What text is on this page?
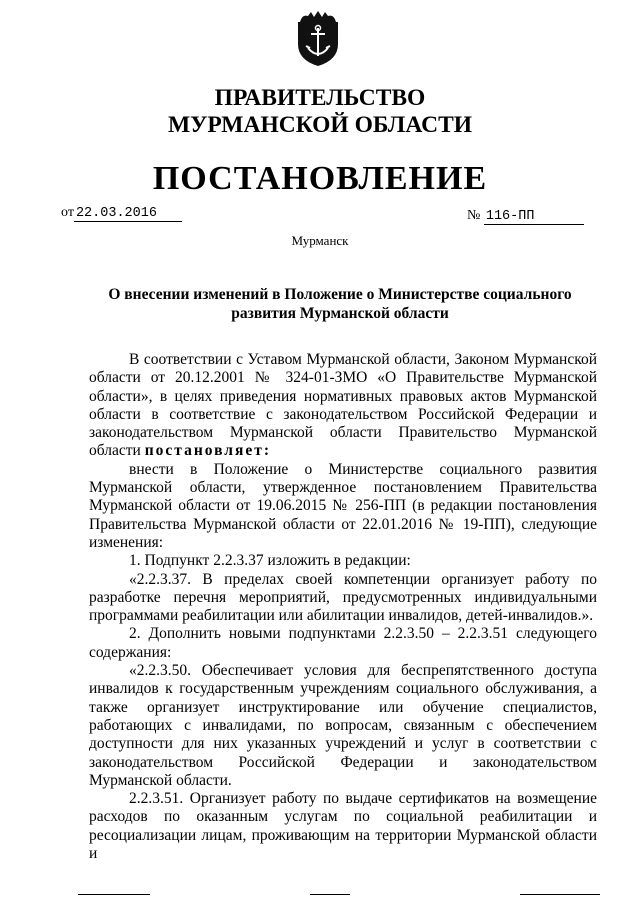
ПРАВИТЕЛЬСТВО
МУРМАНСКОЙ ОБЛАСТИ
ПОСТАНОВЛЕНИЕ
от 22.03.2016	№ 116-ПП
Мурманск
О внесении изменений в Положение о Министерстве социального развития Мурманской области

В соответствии с Уставом Мурманской области, Законом Мурманской области от 20.12.2001 № 324-01-ЗМО «О Правительстве Мурманской области», в целях приведения нормативных правовых актов Мурманской области в соответствие с законодательством Российской Федерации и законодательством Мурманской области Правительство Мурманской области постановляет:

внести в Положение о Министерстве социального развития Мурманской области, утвержденное постановлением Правительства Мурманской области от 19.06.2015 № 256-ПП (в редакции постановления Правительства Мурманской области от 22.01.2016 № 19-ПП), следующие изменения:

1. Подпункт 2.2.3.37 изложить в редакции:

«2.2.3.37. В пределах своей компетенции организует работу по разработке перечня мероприятий, предусмотренных индивидуальными программами реабилитации или абилитации инвалидов, детей-инвалидов.».

2. Дополнить новыми подпунктами 2.2.3.50 – 2.2.3.51 следующего содержания:

«2.2.3.50. Обеспечивает условия для беспрепятственного доступа инвалидов к государственным учреждениям социального обслуживания, а также организует инструктирование или обучение специалистов, работающих с инвалидами, по вопросам, связанным с обеспечением доступности для них указанных учреждений и услуг в соответствии с законодательством Российской Федерации и законодательством Мурманской области.

2.2.3.51. Организует работу по выдаче сертификатов на возмещение расходов по оказанным услугам по социальной реабилитации и ресоциализации лицам, проживающим на территории Мурманской области и
